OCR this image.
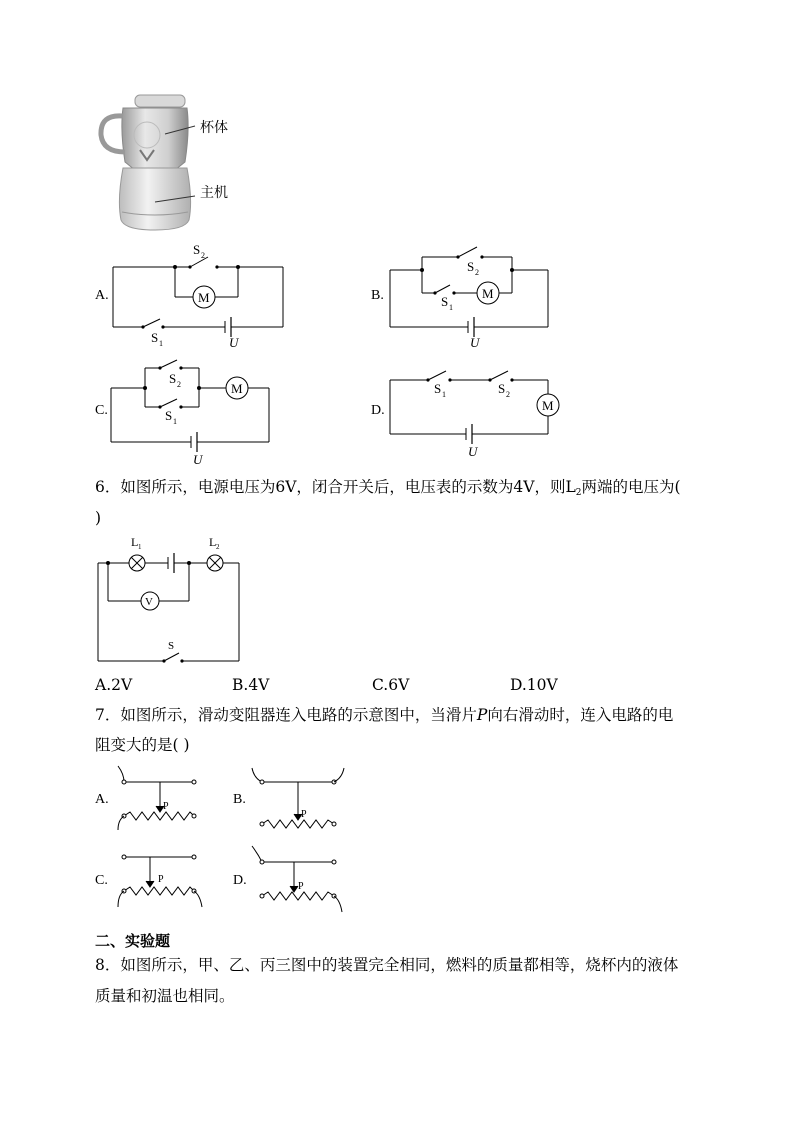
杯体
主机
A.	M
S 2
S 1	U
B.	M
S 2
S 1
U
C.
M
S 2
S 1
U
D.	M
S 1	S 2
U
6．如图所示，电源电压为6V，闭合开关后，电压表的示数为4V，则$L_2$两端的电压为(
)
L 1	L 2
V
S
A.2V	B.4V	C.6V	D.10V
7．如图所示，滑动变阻器连入电路的示意图中，当滑片P向右滑动时，连入电路的电
阻变大的是( )
A.	P	B.
P
C.	P	D.	P
二、实验题
8．如图所示，甲、乙、丙三图中的装置完全相同，燃料的质量都相等，烧杯内的液体
质量和初温也相同。
